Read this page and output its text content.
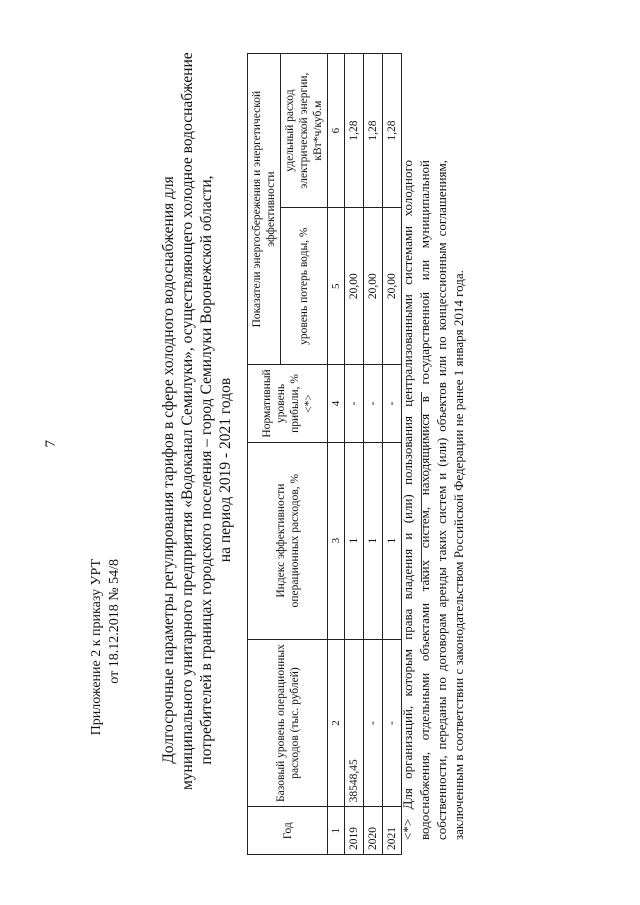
7
Приложение 2 к приказу УРТ от 18.12.2018 № 54/8 Долгосрочные параметры регулирования тарифов в сфере холодного водоснабжения для муниципального унитарного предприятия «Водоканал Семилуки», осуществляющего холодное водоснабжение потребителей в границах городского поселения – город Семилуки Воронежской области, на период 2019 - 2021 годов
Год	Базовый уровень операционных расходов (тыс. рублей)	Индекс эффективности операционных расходов, %	Нормативный уровень прибыли, % <*>	Показатели энергосбережения и энергетической эффективности	
				уровень потерь воды, %	удельный расход электрической энергии, кВт*ч/куб.м
1	2	3	4	5	6
2019	38548,45	1	-	20,00	1,28
2020	-	1	-	20,00	1,28
2021	-	1	-	20,00	1,28
<*> Для организаций, которым права владения и (или) пользования централизованными системами холодного водоснабжения, отдельными объектами таких систем, находящимися в государственной или муниципальной собственности, переданы по договорам аренды таких систем и (или) объектов или по концессионным соглашениям, заключенным в соответствии с законодательством Российской Федерации не ранее 1 января 2014 года.
